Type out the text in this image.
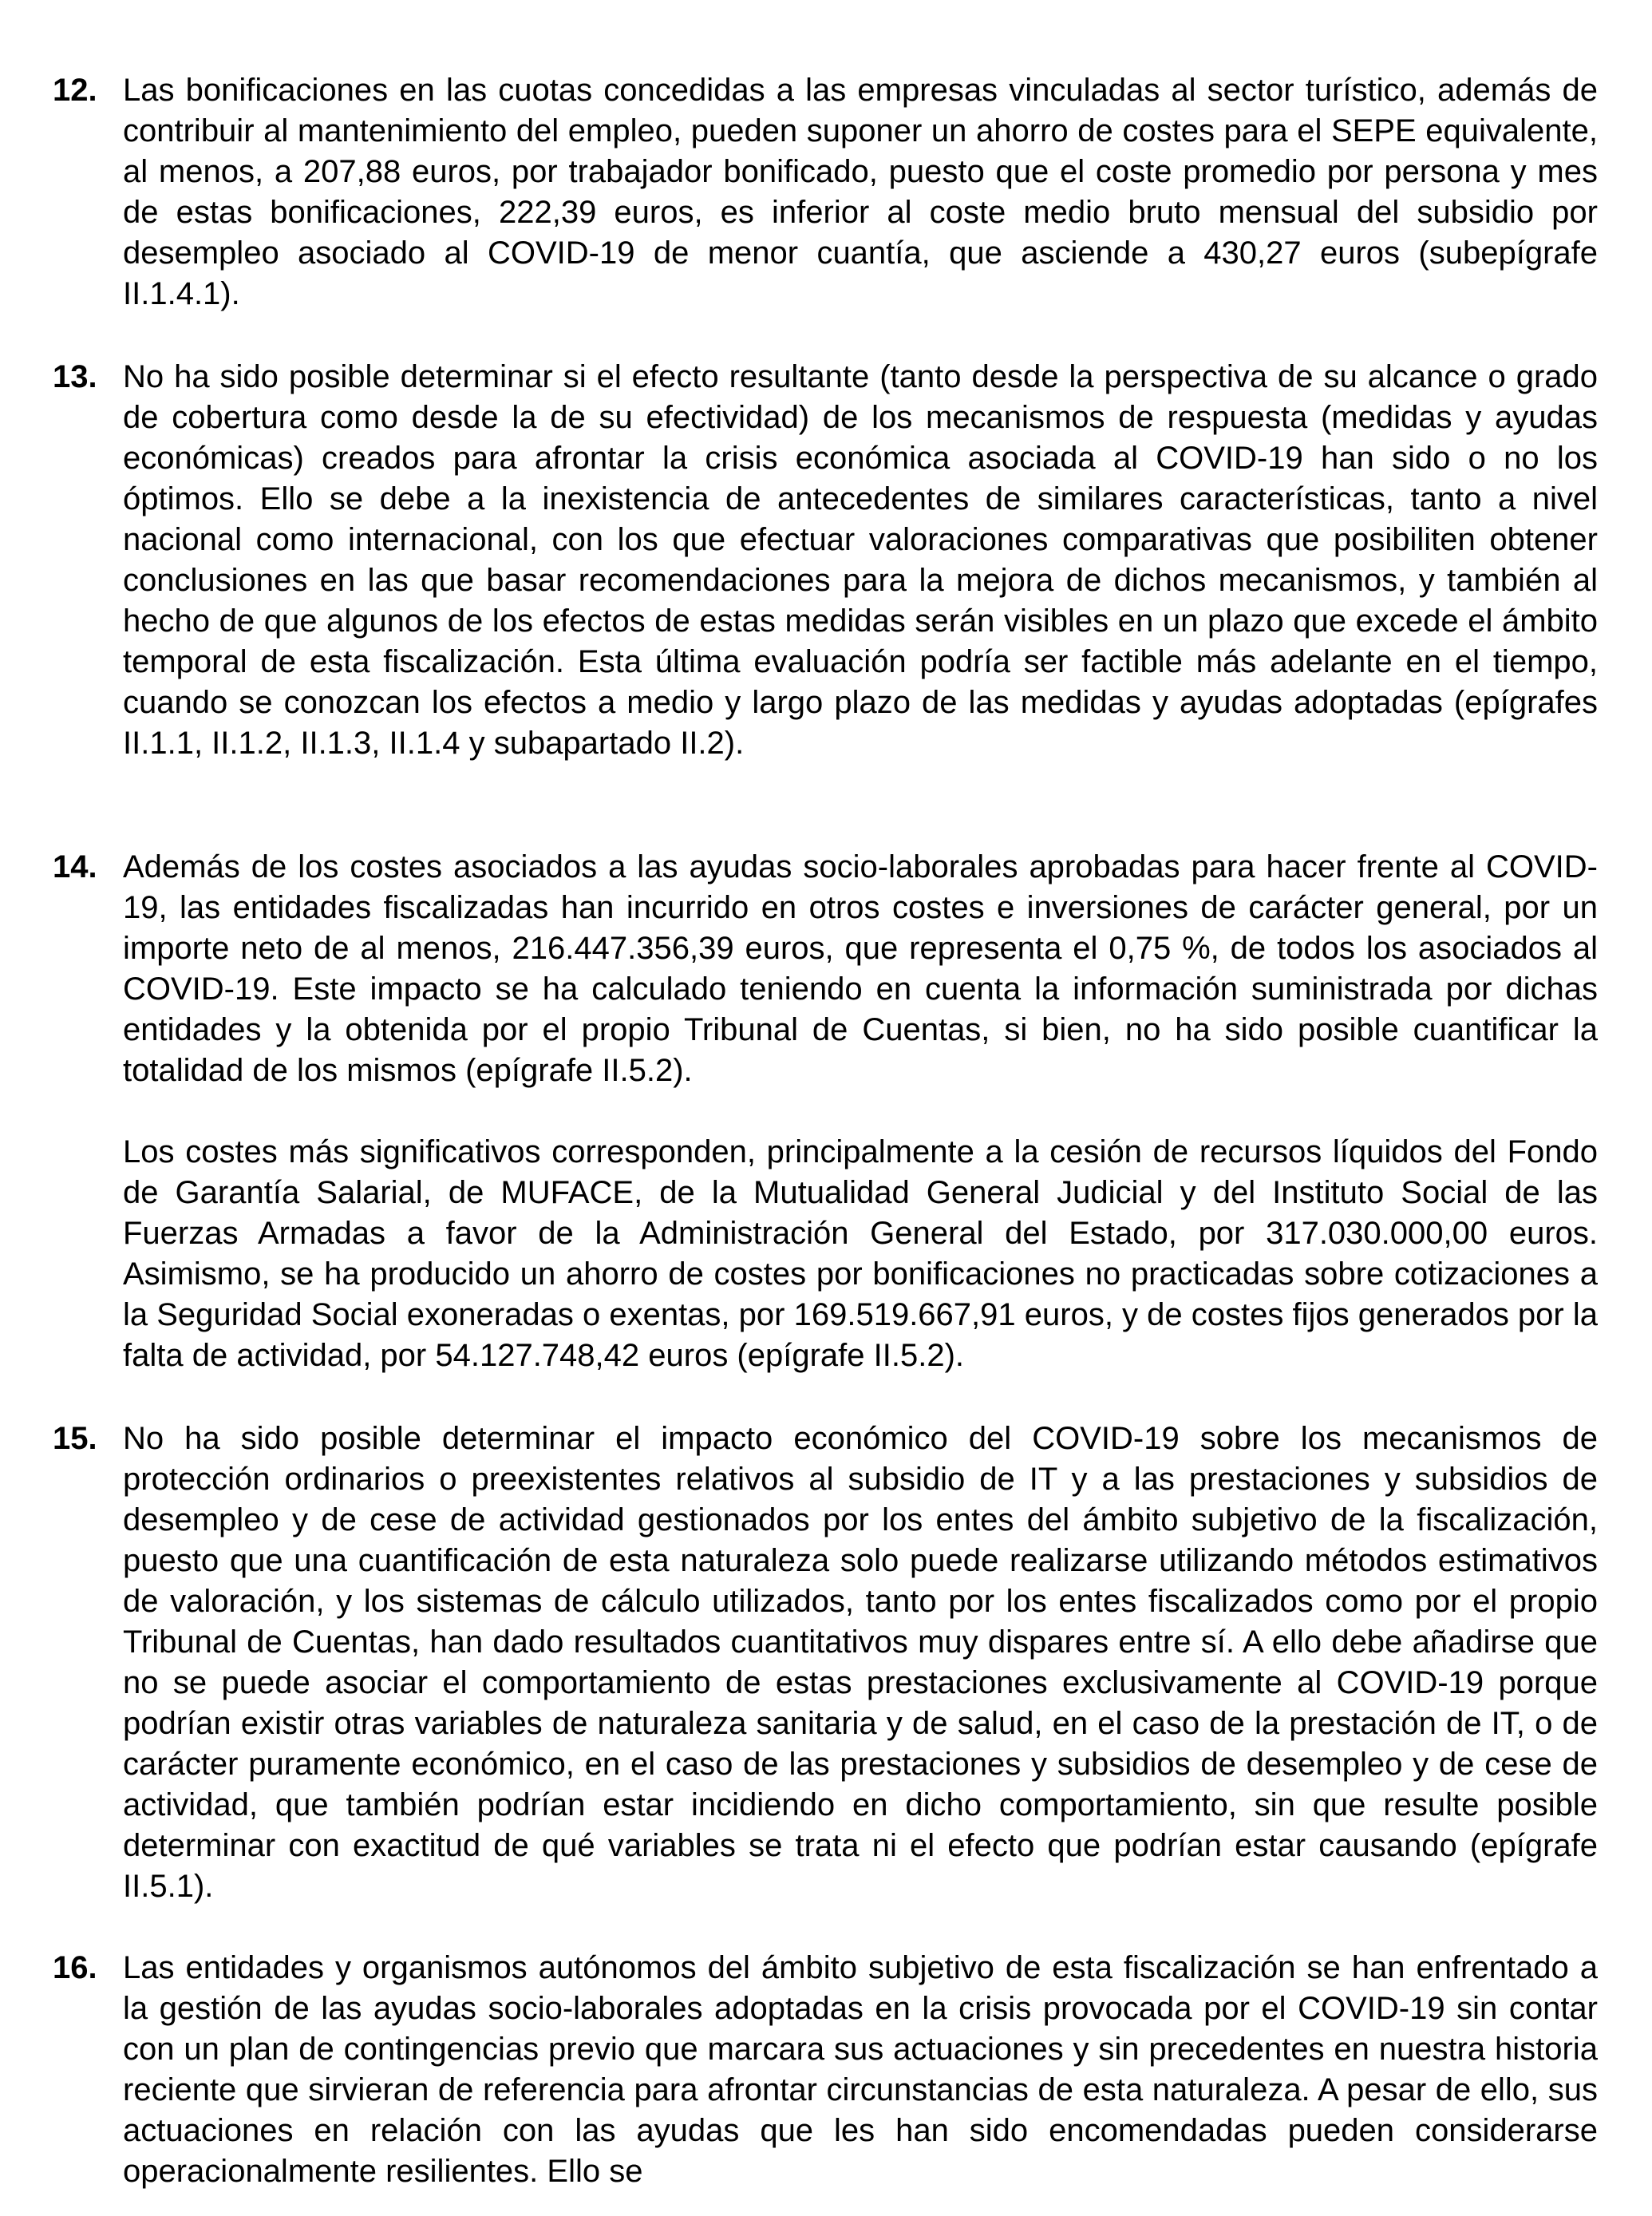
12. Las bonificaciones en las cuotas concedidas a las empresas vinculadas al sector turístico, además de contribuir al mantenimiento del empleo, pueden suponer un ahorro de costes para el SEPE equivalente, al menos, a 207,88 euros, por trabajador bonificado, puesto que el coste promedio por persona y mes de estas bonificaciones, 222,39 euros, es inferior al coste medio bruto mensual del subsidio por desempleo asociado al COVID-19 de menor cuantía, que asciende a 430,27 euros (subepígrafe II.1.4.1).

13. No ha sido posible determinar si el efecto resultante (tanto desde la perspectiva de su alcance o grado de cobertura como desde la de su efectividad) de los mecanismos de respuesta (medidas y ayudas económicas) creados para afrontar la crisis económica asociada al COVID-19 han sido o no los óptimos. Ello se debe a la inexistencia de antecedentes de similares características, tanto a nivel nacional como internacional, con los que efectuar valoraciones comparativas que posibiliten obtener conclusiones en las que basar recomendaciones para la mejora de dichos mecanismos, y también al hecho de que algunos de los efectos de estas medidas serán visibles en un plazo que excede el ámbito temporal de esta fiscalización. Esta última evaluación podría ser factible más adelante en el tiempo, cuando se conozcan los efectos a medio y largo plazo de las medidas y ayudas adoptadas (epígrafes II.1.1, II.1.2, II.1.3, II.1.4 y subapartado II.2).

14. Además de los costes asociados a las ayudas socio-laborales aprobadas para hacer frente al COVID-19, las entidades fiscalizadas han incurrido en otros costes e inversiones de carácter general, por un importe neto de al menos, 216.447.356,39 euros, que representa el 0,75 %, de todos los asociados al COVID-19. Este impacto se ha calculado teniendo en cuenta la información suministrada por dichas entidades y la obtenida por el propio Tribunal de Cuentas, si bien, no ha sido posible cuantificar la totalidad de los mismos (epígrafe II.5.2).

Los costes más significativos corresponden, principalmente a la cesión de recursos líquidos del Fondo de Garantía Salarial, de MUFACE, de la Mutualidad General Judicial y del Instituto Social de las Fuerzas Armadas a favor de la Administración General del Estado, por 317.030.000,00 euros. Asimismo, se ha producido un ahorro de costes por bonificaciones no practicadas sobre cotizaciones a la Seguridad Social exoneradas o exentas, por 169.519.667,91 euros, y de costes fijos generados por la falta de actividad, por 54.127.748,42 euros (epígrafe II.5.2).

15. No ha sido posible determinar el impacto económico del COVID-19 sobre los mecanismos de protección ordinarios o preexistentes relativos al subsidio de IT y a las prestaciones y subsidios de desempleo y de cese de actividad gestionados por los entes del ámbito subjetivo de la fiscalización, puesto que una cuantificación de esta naturaleza solo puede realizarse utilizando métodos estimativos de valoración, y los sistemas de cálculo utilizados, tanto por los entes fiscalizados como por el propio Tribunal de Cuentas, han dado resultados cuantitativos muy dispares entre sí. A ello debe añadirse que no se puede asociar el comportamiento de estas prestaciones exclusivamente al COVID-19 porque podrían existir otras variables de naturaleza sanitaria y de salud, en el caso de la prestación de IT, o de carácter puramente económico, en el caso de las prestaciones y subsidios de desempleo y de cese de actividad, que también podrían estar incidiendo en dicho comportamiento, sin que resulte posible determinar con exactitud de qué variables se trata ni el efecto que podrían estar causando (epígrafe II.5.1).

16. Las entidades y organismos autónomos del ámbito subjetivo de esta fiscalización se han enfrentado a la gestión de las ayudas socio-laborales adoptadas en la crisis provocada por el COVID-19 sin contar con un plan de contingencias previo que marcara sus actuaciones y sin precedentes en nuestra historia reciente que sirvieran de referencia para afrontar circunstancias de esta naturaleza. A pesar de ello, sus actuaciones en relación con las ayudas que les han sido encomendadas pueden considerarse operacionalmente resilientes. Ello se
